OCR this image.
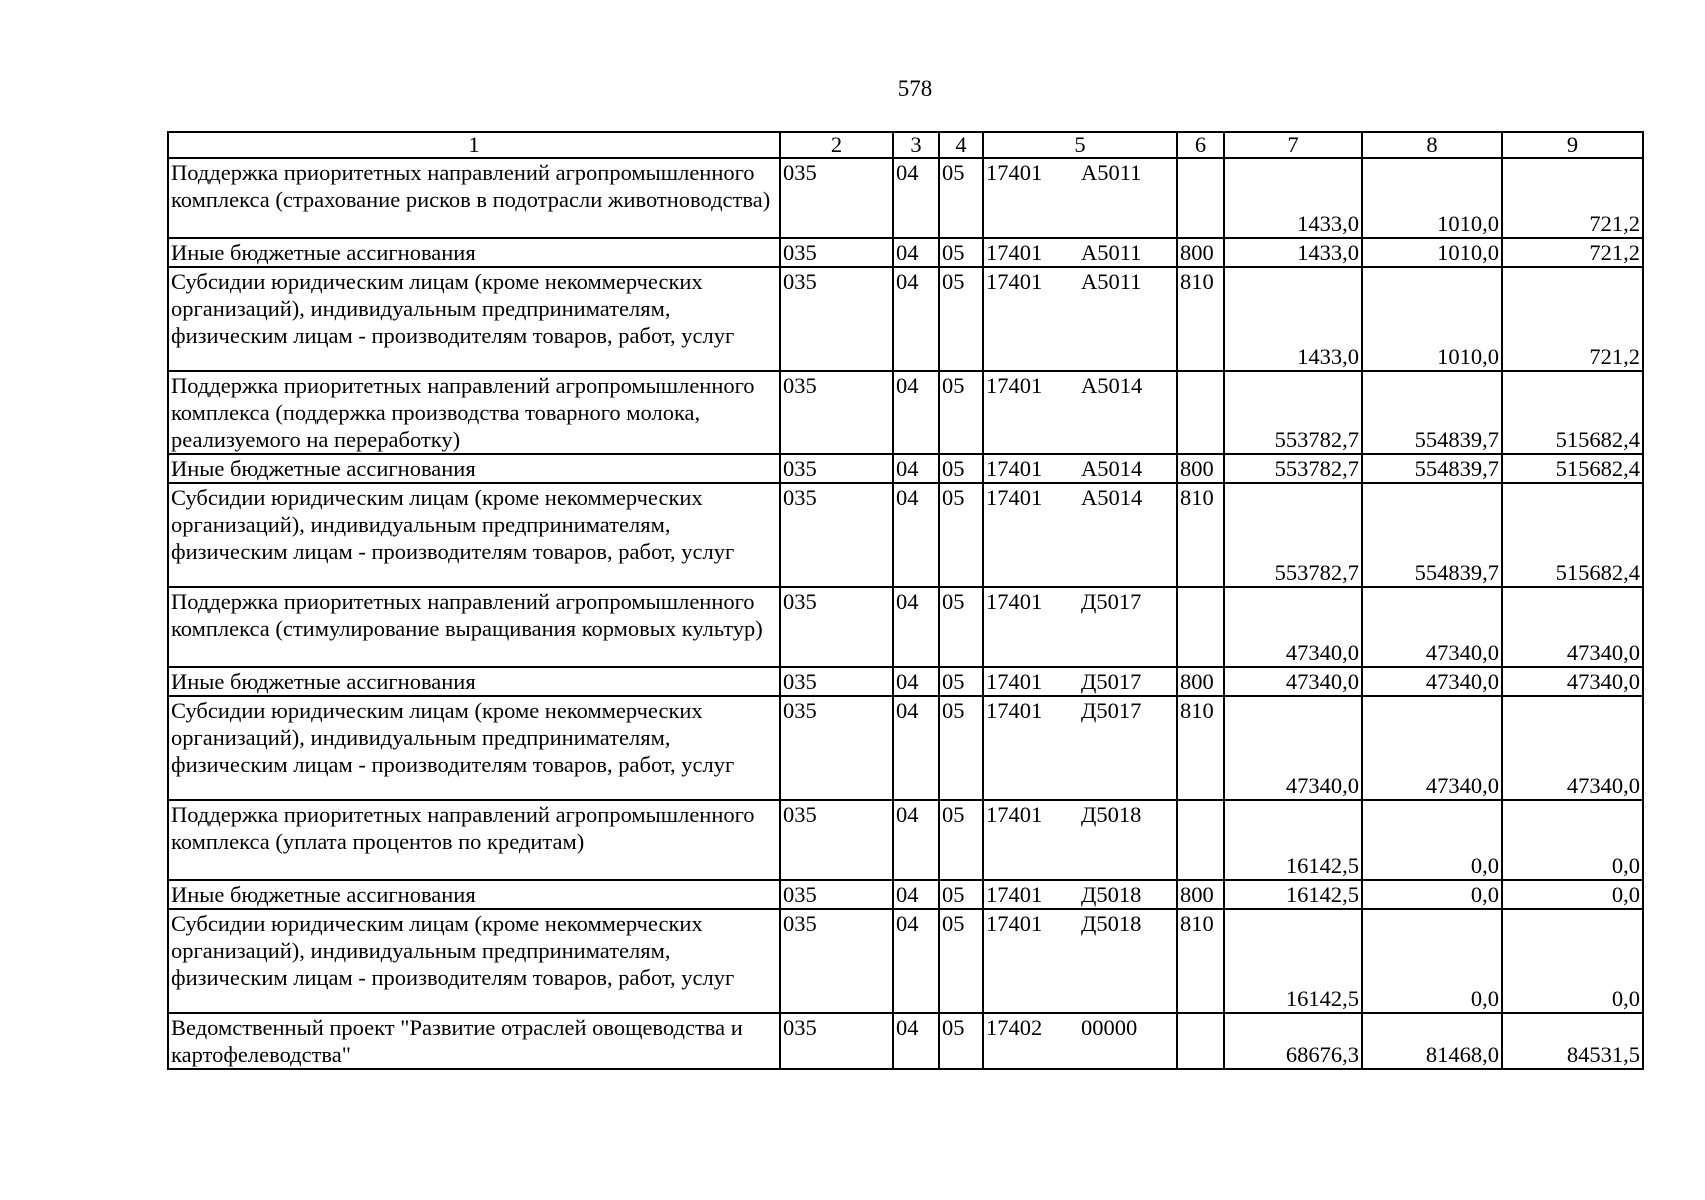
578
1	2	3	4	5	6	7	8	9
Поддержка приоритетных направлений агропромышленного комплекса (страхование рисков в подотрасли животноводства)	035	04	05	17401 А5011		1433,0	1010,0	721,2
Иные бюджетные ассигнования	035	04	05	17401 А5011	800	1433,0	1010,0	721,2
Субсидии юридическим лицам (кроме некоммерческих организаций), индивидуальным предпринимателям, физическим лицам - производителям товаров, работ, услуг	035	04	05	17401 А5011	810	1433,0	1010,0	721,2
Поддержка приоритетных направлений агропромышленного комплекса (поддержка производства товарного молока, реализуемого на переработку)	035	04	05	17401 А5014		553782,7	554839,7	515682,4
Иные бюджетные ассигнования	035	04	05	17401 А5014	800	553782,7	554839,7	515682,4
Субсидии юридическим лицам (кроме некоммерческих организаций), индивидуальным предпринимателям, физическим лицам - производителям товаров, работ, услуг	035	04	05	17401 А5014	810	553782,7	554839,7	515682,4
Поддержка приоритетных направлений агропромышленного комплекса (стимулирование выращивания кормовых культур)	035	04	05	17401 Д5017		47340,0	47340,0	47340,0
Иные бюджетные ассигнования	035	04	05	17401 Д5017	800	47340,0	47340,0	47340,0
Субсидии юридическим лицам (кроме некоммерческих организаций), индивидуальным предпринимателям, физическим лицам - производителям товаров, работ, услуг	035	04	05	17401 Д5017	810	47340,0	47340,0	47340,0
Поддержка приоритетных направлений агропромышленного комплекса (уплата процентов по кредитам)	035	04	05	17401 Д5018		16142,5	0,0	0,0
Иные бюджетные ассигнования	035	04	05	17401 Д5018	800	16142,5	0,0	0,0
Субсидии юридическим лицам (кроме некоммерческих организаций), индивидуальным предпринимателям, физическим лицам - производителям товаров, работ, услуг	035	04	05	17401 Д5018	810	16142,5	0,0	0,0
Ведомственный проект "Развитие отраслей овощеводства и картофелеводства"	035	04	05	17402 00000		68676,3	81468,0	84531,5
